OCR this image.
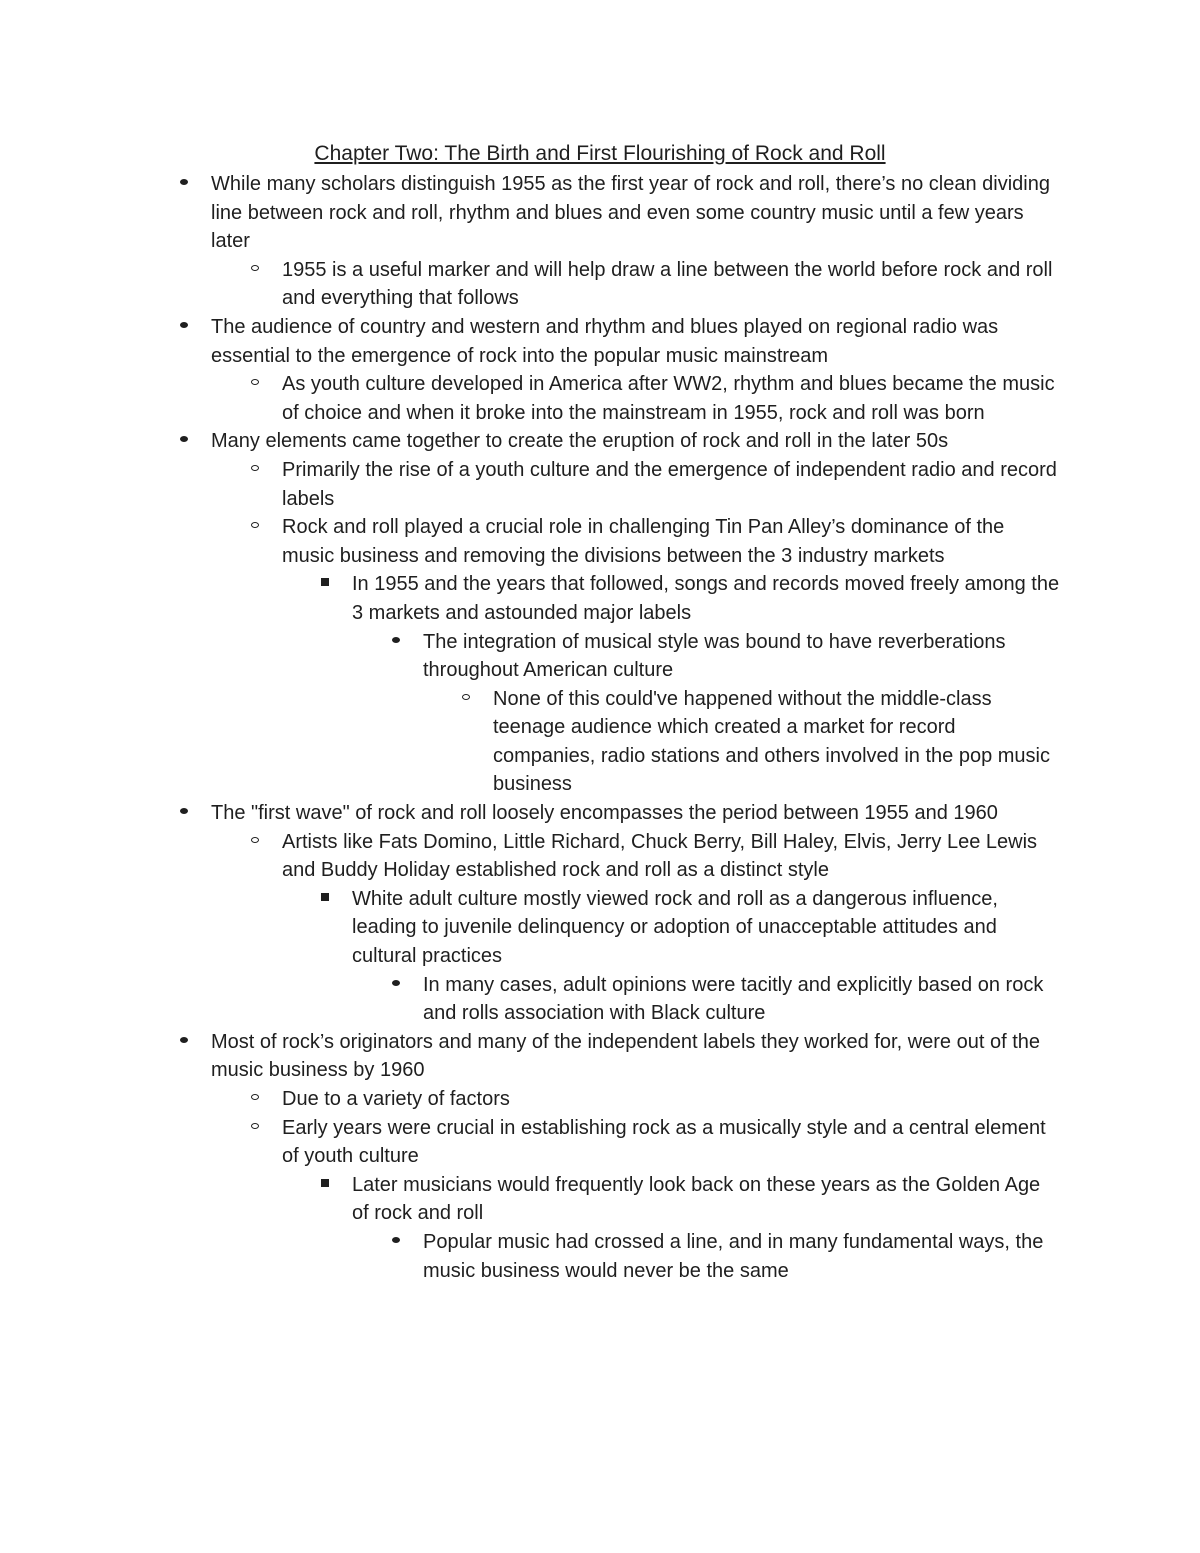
Chapter Two: The Birth and First Flourishing of Rock and Roll
While many scholars distinguish 1955 as the first year of rock and roll, there’s no clean dividing line between rock and roll, rhythm and blues and even some country music until a few years later
1955 is a useful marker and will help draw a line between the world before rock and roll and everything that follows
The audience of country and western and rhythm and blues played on regional radio was essential to the emergence of rock into the popular music mainstream
As youth culture developed in America after WW2, rhythm and blues became the music of choice and when it broke into the mainstream in 1955, rock and roll was born
Many elements came together to create the eruption of rock and roll in the later 50s
Primarily the rise of a youth culture and the emergence of independent radio and record labels
Rock and roll played a crucial role in challenging Tin Pan Alley’s dominance of the music business and removing the divisions between the 3 industry markets
In 1955 and the years that followed, songs and records moved freely among the 3 markets and astounded major labels
The integration of musical style was bound to have reverberations throughout American culture
None of this could've happened without the middle-class teenage audience which created a market for record companies, radio stations and others involved in the pop music business
The "first wave" of rock and roll loosely encompasses the period between 1955 and 1960
Artists like Fats Domino, Little Richard, Chuck Berry, Bill Haley, Elvis, Jerry Lee Lewis and Buddy Holiday established rock and roll as a distinct style
White adult culture mostly viewed rock and roll as a dangerous influence, leading to juvenile delinquency or adoption of unacceptable attitudes and cultural practices
In many cases, adult opinions were tacitly and explicitly based on rock and rolls association with Black culture
Most of rock’s originators and many of the independent labels they worked for, were out of the music business by 1960
Due to a variety of factors
Early years were crucial in establishing rock as a musically style and a central element of youth culture
Later musicians would frequently look back on these years as the Golden Age of rock and roll
Popular music had crossed a line, and in many fundamental ways, the music business would never be the same
